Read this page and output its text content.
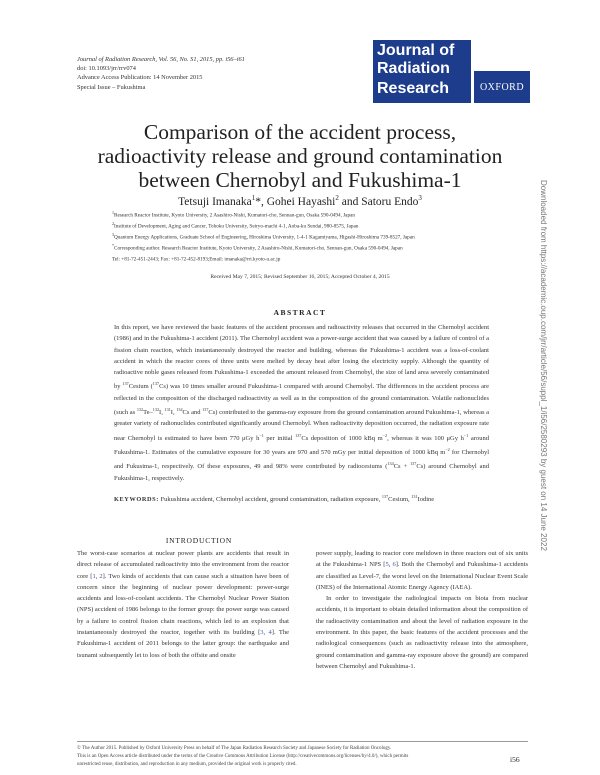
Journal of Radiation Research, Vol. 56, No. S1, 2015, pp. i56–i61
doi: 10.1093/jrr/rrv074
Advance Access Publication: 14 November 2015
Special Issue – Fukushima
Journal of
Radiation
Research	OXFORD
Comparison of the accident process,
radioactivity release and ground contamination
between Chernobyl and Fukushima-1
Tetsuji Imanaka$^1$*, Gohei Hayashi$^2$ and Satoru Endo$^3$
$^1$Research Reactor Institute, Kyoto University, 2 Asashiro-Nishi, Kumatori-cho, Sennan-gun, Osaka 590-0494, Japan
$^2$Institute of Development, Aging and Cancer, Tohoku University, Seiryo-machi 4-1, Aoba-ku Sendai, 980-8575, Japan
$^3$Quantum Energy Applications, Graduate School of Engineering, Hiroshima University, 1-4-1 Kagamiyama, Higashi-Hiroshima 739-8527, Japan
*Corresponding author. Research Reactor Institute, Kyoto University, 2 Asashiro-Nishi, Kumatori-cho, Sennan-gun, Osaka 590-0494, Japan
Tel: +81-72-451-2443; Fax: +81-72-452-8193;Email: imanaka@rri.kyoto-u.ac.jp
Received May 7, 2015; Revised September 16, 2015; Accepted October 4, 2015
ABSTRACT
In this report, we have reviewed the basic features of the accident processes and radioactivity releases that occurred in the Chernobyl accident (1986) and in the Fukushima-1 accident (2011). The Chernobyl accident was a power-surge accident that was caused by a failure of control of a fission chain reaction, which instantaneously destroyed the reactor and building, whereas the Fukushima-1 accident was a loss-of-coolant accident in which the reactor cores of three units were melted by decay heat after losing the electricity supply. Although the quantity of radioactive noble gases released from Fukushima-1 exceeded the amount released from Chernobyl, the size of land area severely contaminated by $^{137}$Cesium ($^{137}$Cs) was 10 times smaller around Fukushima-1 compared with around Chernobyl. The differences in the accident process are reflected in the composition of the discharged radioactivity as well as in the composition of the ground contamination. Volatile radionuclides (such as $^{132}$Te–$^{132}$I, $^{131}$I, $^{134}$Cs and $^{137}$Cs) contributed to the gamma-ray exposure from the ground contamination around Fukushima-1, whereas a greater variety of radionuclides contributed significantly around Chernobyl. When radioactivity deposition occurred, the radiation exposure rate near Chernobyl is estimated to have been 770 μGy $h^{-1}$ per initial $^{137}$Cs deposition of 1000 kBq $m^{-2}$, whereas it was 100 μGy $h^{-1}$ around Fukushima-1. Estimates of the cumulative exposure for 30 years are 970 and 570 mGy per initial deposition of 1000 kBq $m^{-2}$ for Chernobyl and Fukusima-1, respectively. Of these exposures, 49 and 98% were contributed by radiocesiums ($^{134}$Cs + $^{137}$Cs) around Chernobyl and Fukushima-1, respectively.
KEYWORDS: Fukushima accident, Chernobyl accident, ground contamination, radiation exposure, $^{137}$Cesium, $^{131}$Iodine
INTRODUCTION

The worst-case scenarios at nuclear power plants are accidents that result in direct release of accumulated radioactivity into the environment from the reactor core [1, 2]. Two kinds of accidents that can cause such a situation have been of concern since the beginning of nuclear power development: power-surge accidents and loss-of-coolant accidents. The Chernobyl Nuclear Power Station (NPS) accident of 1986 belongs to the former group: the power surge was caused by a failure to control fission chain reactions, which led to an explosion that instantaneously destroyed the reactor, together with its building [3, 4]. The Fukushima-1 accident of 2011 belongs to the latter group: the earthquake and tsunami subsequently let to loss of both the offsite and onsite

power supply, leading to reactor core meltdown in three reactors out of six units at the Fukushima-1 NPS [5, 6]. Both the Chernobyl and Fukushima-1 accidents are classified as Level-7, the worst level on the International Nuclear Event Scale (INES) of the International Atomic Energy Agency (IAEA).

In order to investigate the radiological impacts on biota from nuclear accidents, it is important to obtain detailed information about the composition of the radioactivity contamination and about the level of radiation exposure in the environment. In this paper, the basic features of the accident processes and the radiological consequences (such as radioactivity release into the atmosphere, ground contamination and gamma-ray exposure above the ground) are compared between Chernobyl and Fukushima-1.

© The Author 2015. Published by Oxford University Press on behalf of The Japan Radiation Research Society and Japanese Society for Radiation Oncology.
This is an Open Access article distributed under the terms of the Creative Commons Attribution License (http://creativecommons.org/licenses/by/4.0/), which permits
unrestricted reuse, distribution, and reproduction in any medium, provided the original work is properly cited.
i56
Downloaded from https://academic.oup.com/jrr/article/56/suppl_1/i56/2580293 by guest on 14 June 2022
